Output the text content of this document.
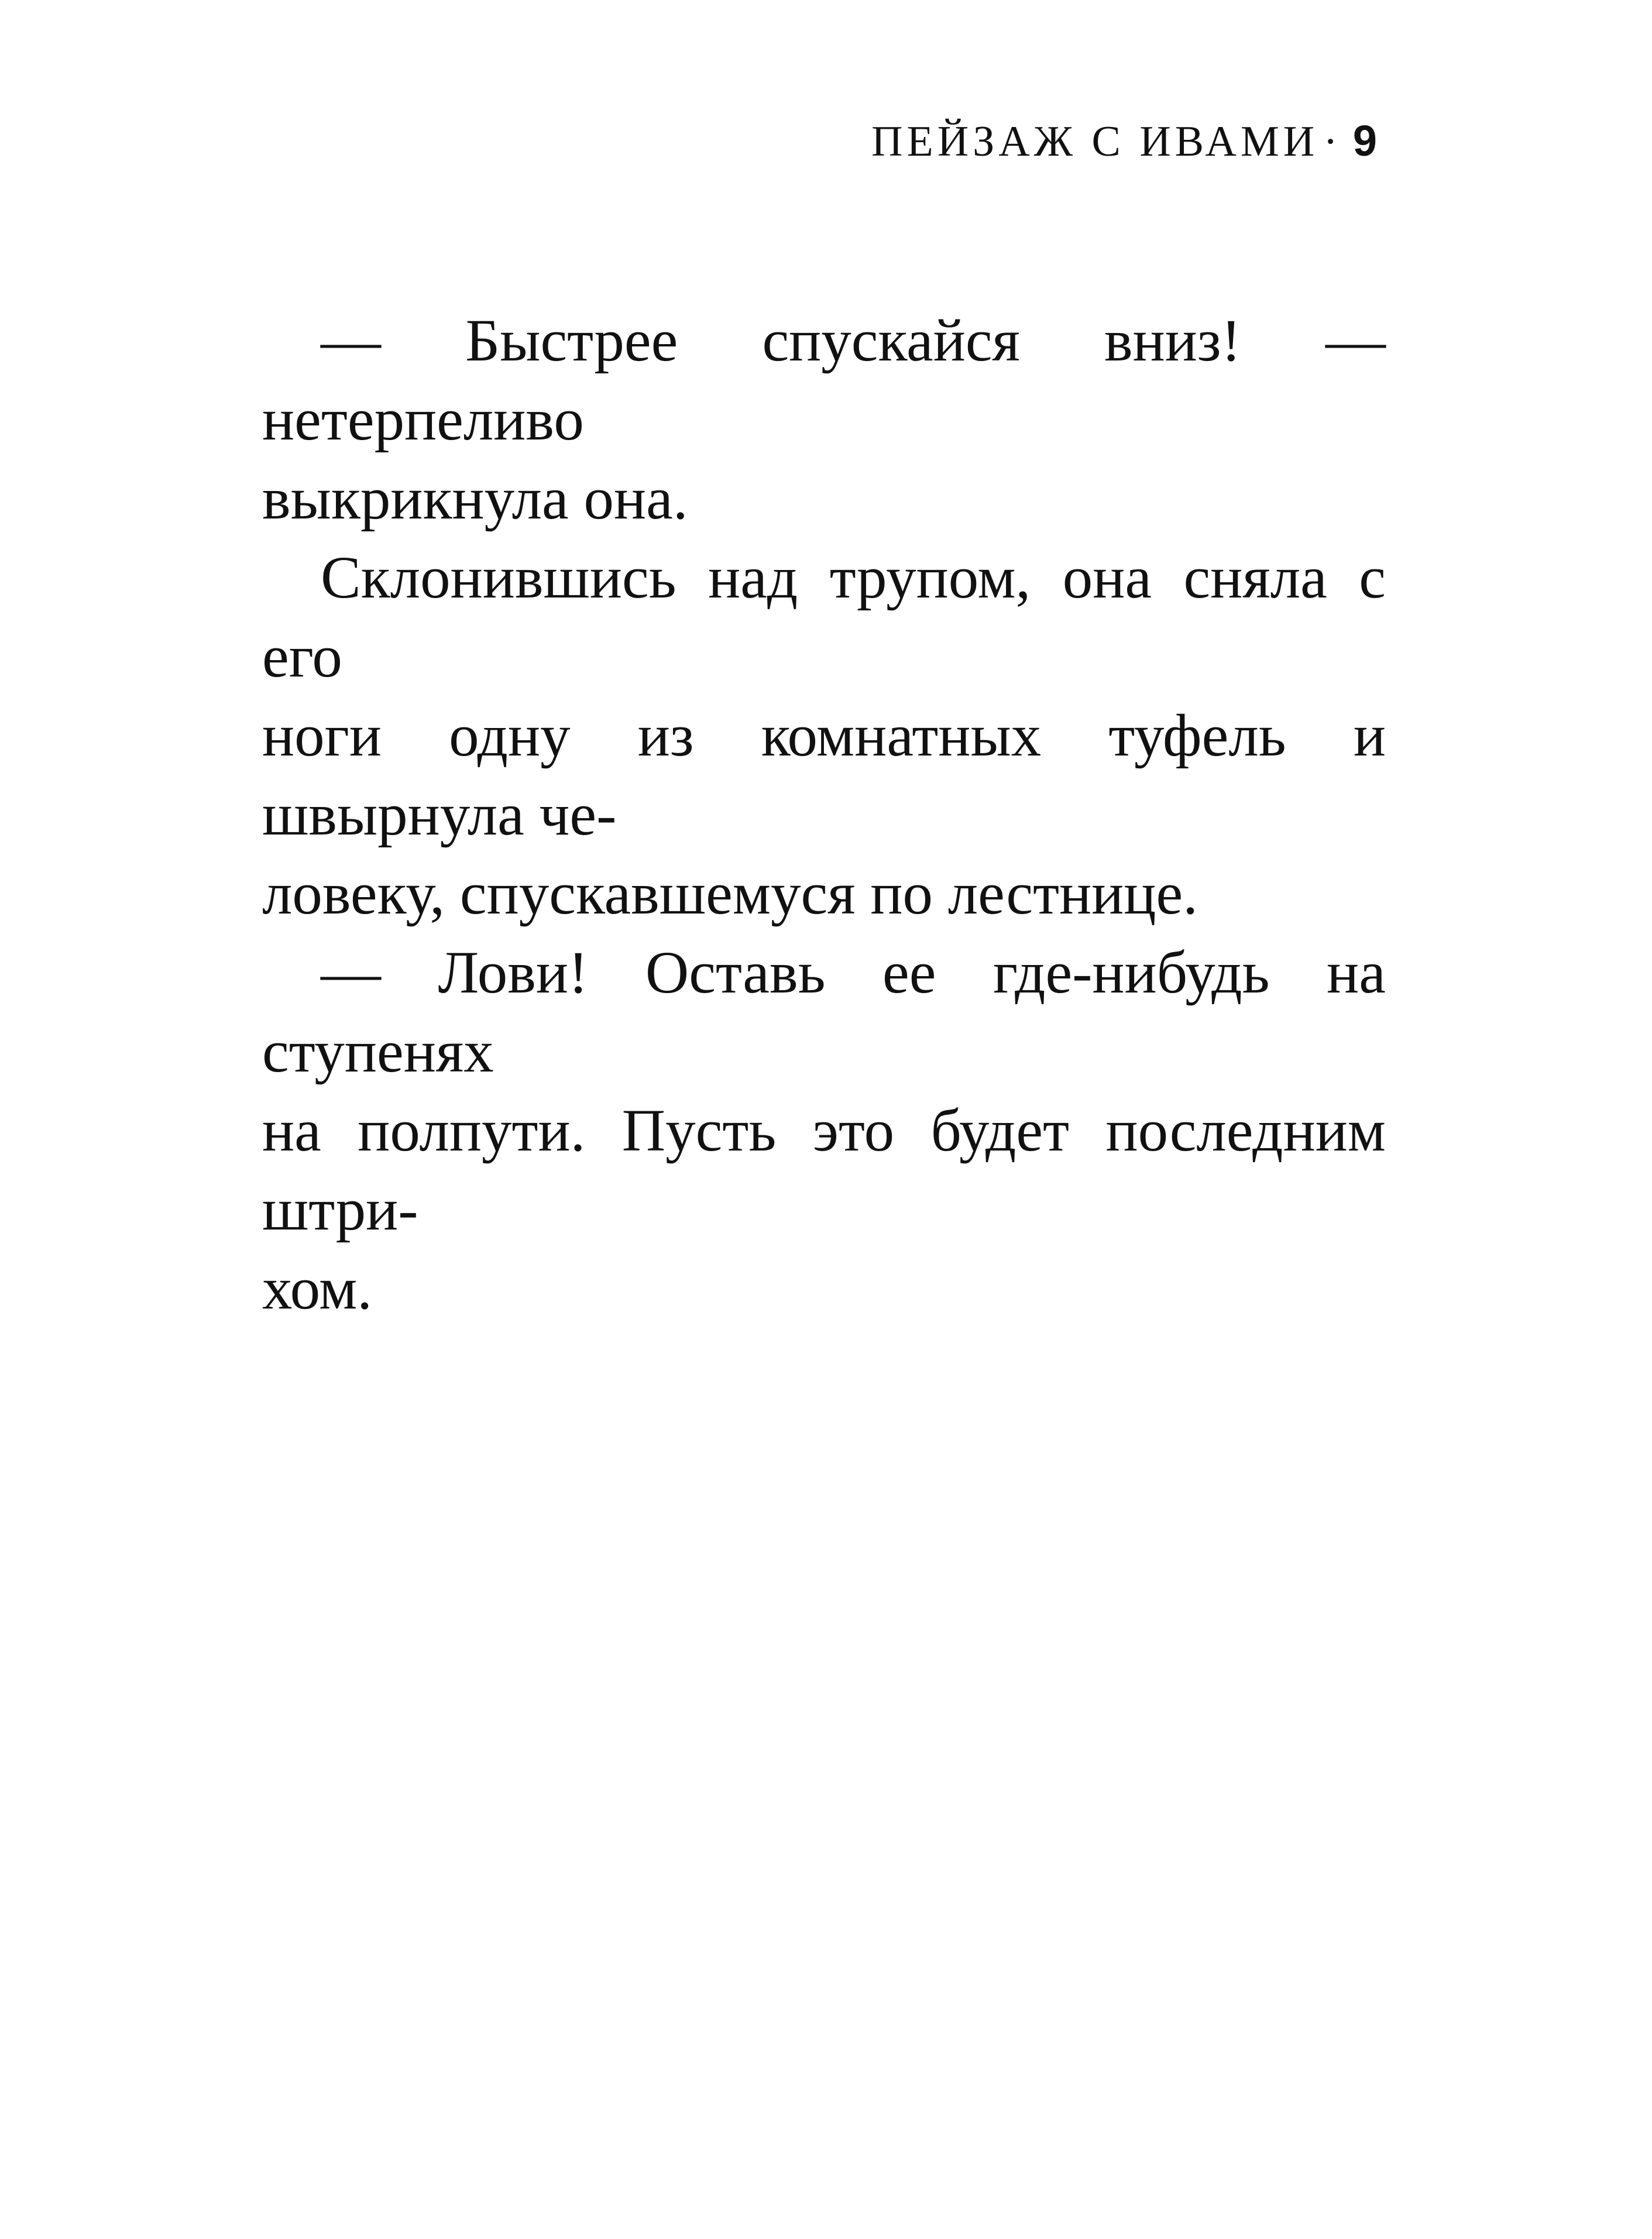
ПЕЙЗАЖ С ИВАМИ · 9

— Быстрее спускайся вниз! — нетерпеливо
выкрикнула она.

Склонившись над трупом, она сняла с его
ноги одну из комнатных туфель и швырнула че-
ловеку, спускавшемуся по лестнице.

— Лови! Оставь ее где-нибудь на ступенях
на полпути. Пусть это будет последним штри-
хом.
